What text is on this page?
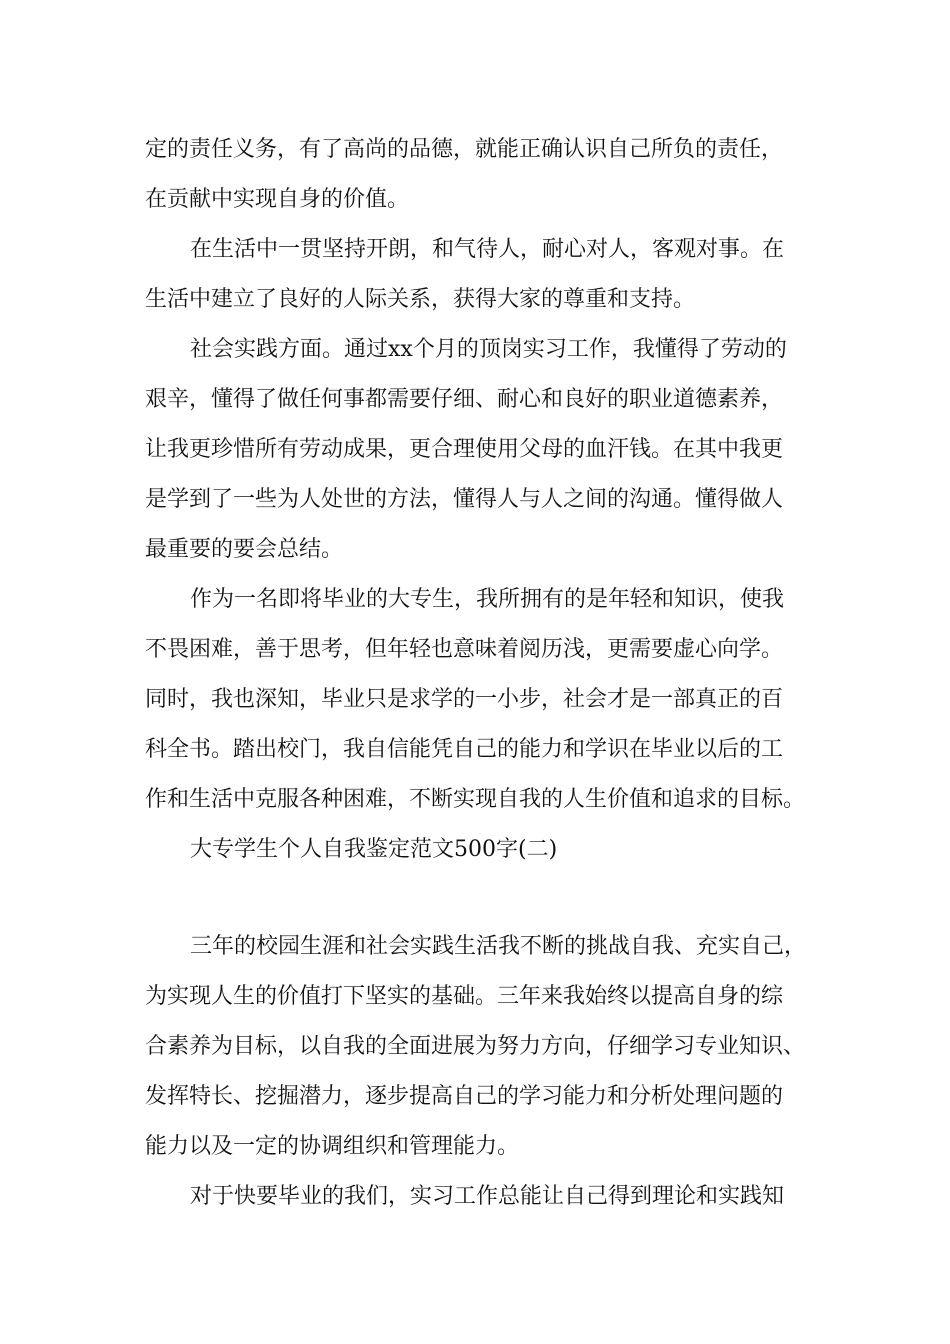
定的责任义务，有了高尚的品德，就能正确认识自己所负的责任，

在贡献中实现自身的价值。

在生活中一贯坚持开朗，和气待人，耐心对人，客观对事。在

生活中建立了良好的人际关系，获得大家的尊重和支持。

社会实践方面。通过xx个月的顶岗实习工作，我懂得了劳动的

艰辛，懂得了做任何事都需要仔细、耐心和良好的职业道德素养，

让我更珍惜所有劳动成果，更合理使用父母的血汗钱。在其中我更

是学到了一些为人处世的方法，懂得人与人之间的沟通。懂得做人

最重要的要会总结。

作为一名即将毕业的大专生，我所拥有的是年轻和知识，使我

不畏困难，善于思考，但年轻也意味着阅历浅，更需要虚心向学。

同时，我也深知，毕业只是求学的一小步，社会才是一部真正的百

科全书。踏出校门，我自信能凭自己的能力和学识在毕业以后的工

作和生活中克服各种困难，不断实现自我的人生价值和追求的目标。

大专学生个人自我鉴定范文500字(二)

三年的校园生涯和社会实践生活我不断的挑战自我、充实自己，

为实现人生的价值打下坚实的基础。三年来我始终以提高自身的综

合素养为目标，以自我的全面进展为努力方向，仔细学习专业知识、

发挥特长、挖掘潜力，逐步提高自己的学习能力和分析处理问题的

能力以及一定的协调组织和管理能力。

对于快要毕业的我们，实习工作总能让自己得到理论和实践知
